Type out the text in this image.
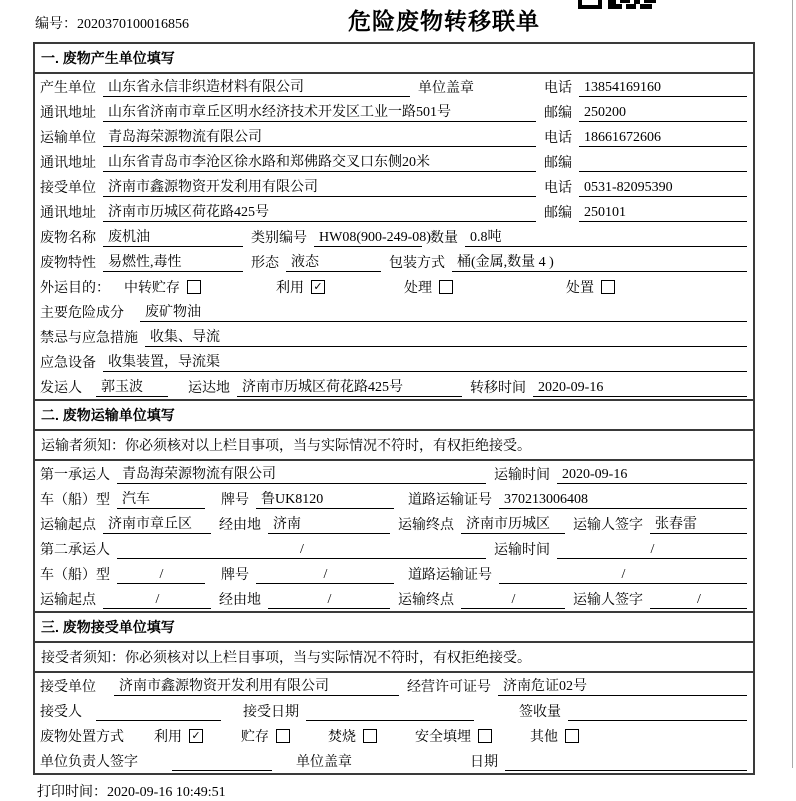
编号：2020370100016856	危险废物转移联单
一. 废物产生单位填写
产生单位 山东省永信非织造材料有限公司	单位盖章	电话 13854169160
通讯地址 山东省济南市章丘区明水经济技术开发区工业一路501号	邮编 250200
运输单位 青岛海荣源物流有限公司	电话 18661672606
通讯地址 山东省青岛市李沧区徐水路和郑佛路交叉口东侧20米	邮编
接受单位 济南市鑫源物资开发利用有限公司	电话 0531-82095390
通讯地址 济南市历城区荷花路425号	邮编 250101
废物名称 废机油	类别编号 HW08(900-249-08) 数量 0.8吨
废物特性 易燃性,毒性	形态 液态	包装方式 桶(金属,数量 4 )
外运目的： 中转贮存	利用 ✓	处理	处置
主要危险成分	废矿物油
禁忌与应急措施 收集、导流
应急设备 收集装置，导流渠
发运人	郭玉波	运达地 济南市历城区荷花路425号	转移时间 2020-09-16
二. 废物运输单位填写
运输者须知：你必须核对以上栏目事项，当与实际情况不符时，有权拒绝接受。
第一承运人 青岛海荣源物流有限公司	运输时间 2020-09-16
车（船）型 汽车	牌号 鲁UK8120	道路运输证号 370213006408
运输起点 济南市章丘区	经由地 济南	运输终点 济南市历城区	运输人签字 张春雷
第二承运人	/	运输时间	/
车（船）型	/	牌号	/	道路运输证号	/
运输起点	/	经由地	/	运输终点	/	运输人签字	/
三. 废物接受单位填写
接受者须知：你必须核对以上栏目事项，当与实际情况不符时，有权拒绝接受。
接受单位	济南市鑫源物资开发利用有限公司	经营许可证号 济南危证02号
接受人	接受日期	签收量
废物处置方式 利用 ✓	贮存	焚烧	安全填埋	其他
单位负责人签字	单位盖章	日期
打印时间：2020-09-16 10:49:51
